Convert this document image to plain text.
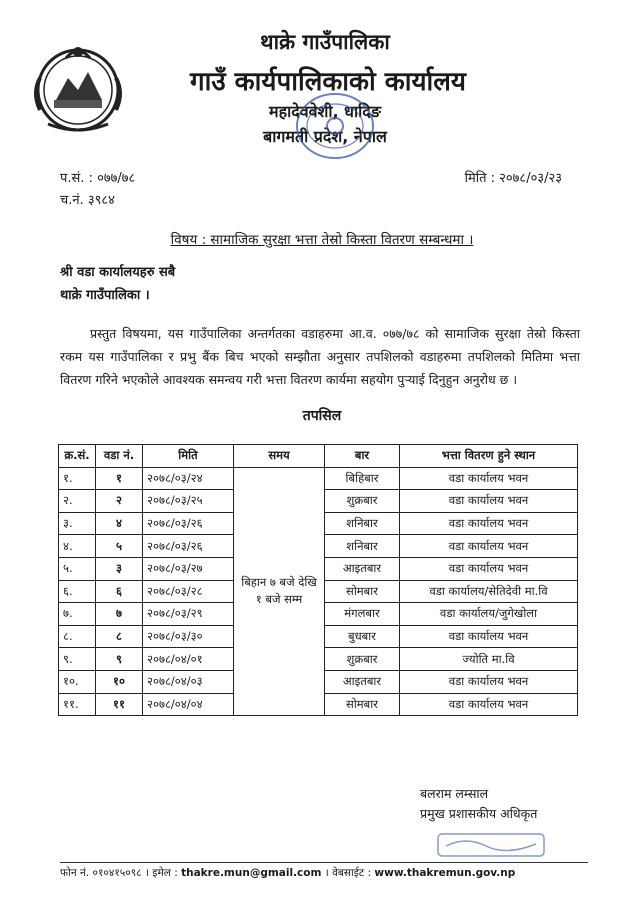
थाक्रे गाउँपालिका
गाउँ कार्यपालिकाको कार्यालय
महादेववेशी, धादिङ
बागमती प्रदेश, नेपाल
प.सं. : ०७७/७८
च.नं. ३९८४
मिति : २०७८/०३/२३
विषय : सामाजिक सुरक्षा भत्ता तेस्रो किस्ता वितरण सम्बन्धमा ।
श्री वडा कार्यालयहरु सबै
थाक्रे गाउँपालिका ।
प्रस्तुत विषयमा, यस गाउँपालिका अन्तर्गतका वडाहरुमा आ.व. ०७७/७८ को सामाजिक सुरक्षा तेस्रो किस्ता रकम यस गाउँपालिका र प्रभु बैंक बिच भएको सम्झौता अनुसार तपशिलको वडाहरुमा तपशिलको मितिमा भत्ता वितरण गरिने भएकोले आवश्यक समन्वय गरी भत्ता वितरण कार्यमा सहयोग पुर्‍याई दिनुहुन अनुरोध छ ।
तपसिल
क्र.सं.	वडा नं.	मिति	समय	बार	भत्ता वितरण हुने स्थान
१.	१	२०७८/०३/२४	बिहान ७ बजे देखि १ बजे सम्म	बिहिबार	वडा कार्यालय भवन
२.	२	२०७८/०३/२५		शुक्रबार	वडा कार्यालय भवन
३.	४	२०७८/०३/२६		शनिबार	वडा कार्यालय भवन
४.	५	२०७८/०३/२६		शनिबार	वडा कार्यालय भवन
५.	३	२०७८/०३/२७		आइतबार	वडा कार्यालय भवन
६.	६	२०७८/०३/२८		सोमबार	वडा कार्यालय/सेतिदेवी मा.वि
७.	७	२०७८/०३/२९		मंगलबार	वडा कार्यालय/जुगेखोला
८.	८	२०७८/०३/३०		बुधबार	वडा कार्यालय भवन
९.	९	२०७८/०४/०१		शुक्रबार	ज्योति मा.वि
१०.	१०	२०७८/०४/०३		आइतबार	वडा कार्यालय भवन
११.	११	२०७८/०४/०४		सोमबार	वडा कार्यालय भवन
बलराम लम्साल
प्रमुख प्रशासकीय अधिकृत
फोन नं. ०१०४१५०९८ । इमेल : thakre.mun@gmail.com । वेबसाईट : www.thakremun.gov.np
